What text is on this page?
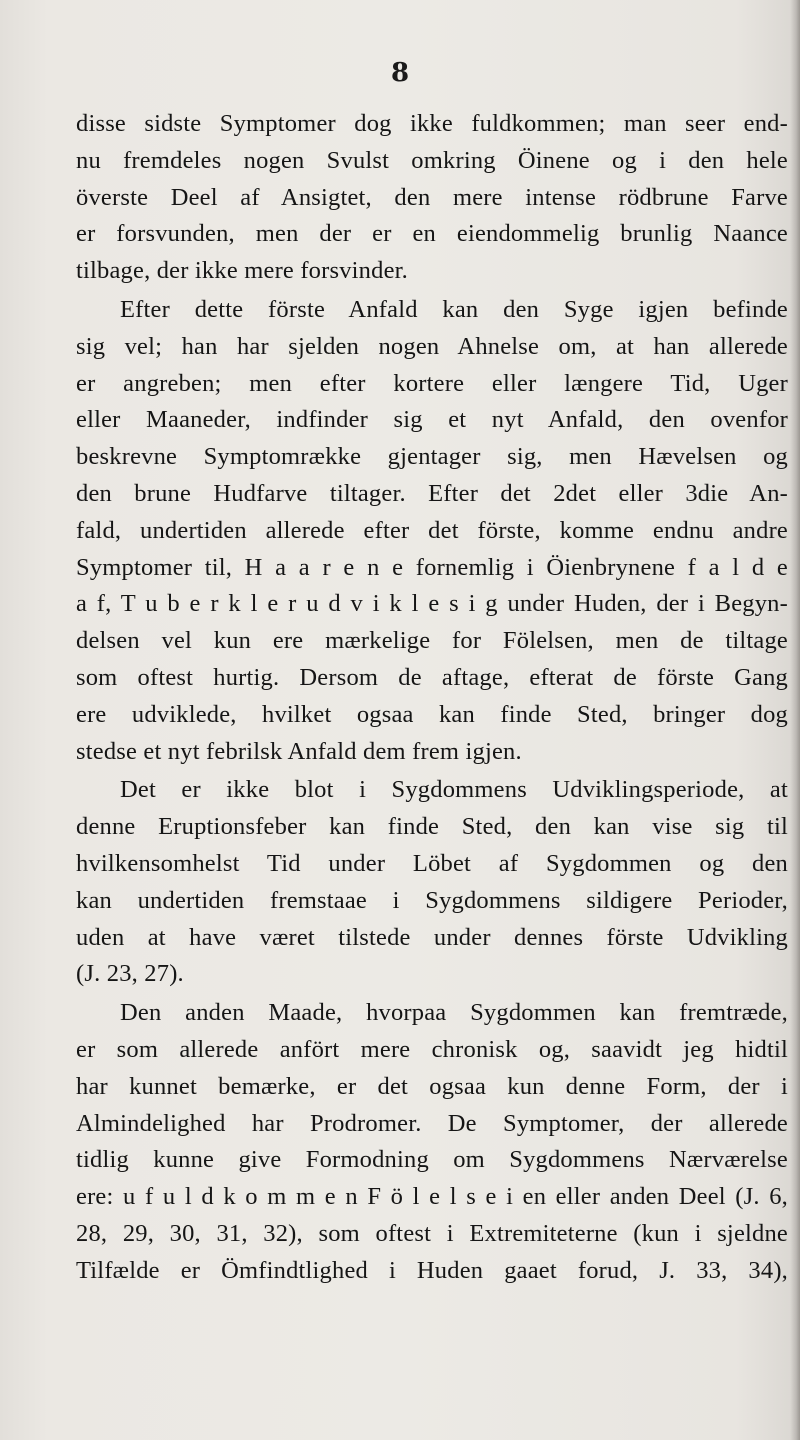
8
disse sidste Symptomer dog ikke fuldkommen; man seer end-
nu fremdeles nogen Svulst omkring Öinene og i den hele
överste Deel af Ansigtet, den mere intense rödbrune Farve
er forsvunden, men der er en eiendommelig brunlig Naance
tilbage, der ikke mere forsvinder.
Efter dette förste Anfald kan den Syge igjen befinde
sig vel; han har sjelden nogen Ahnelse om, at han allerede
er angreben; men efter kortere eller længere Tid, Uger
eller Maaneder, indfinder sig et nyt Anfald, den ovenfor
beskrevne Symptomrække gjentager sig, men Hævelsen og
den brune Hudfarve tiltager. Efter det 2det eller 3die An-
fald, undertiden allerede efter det förste, komme endnu andre
Symptomer til, H a a r e n e fornemlig i Öienbrynene f a l d e
a f, T u b e r k l e r u d v i k l e s i g under Huden, der i Begyn-
delsen vel kun ere mærkelige for Fölelsen, men de tiltage
som oftest hurtig. Dersom de aftage, efterat de förste Gang
ere udviklede, hvilket ogsaa kan finde Sted, bringer dog
stedse et nyt febrilsk Anfald dem frem igjen.
Det er ikke blot i Sygdommens Udviklingsperiode, at
denne Eruptionsfeber kan finde Sted, den kan vise sig til
hvilkensomhelst Tid under Löbet af Sygdommen og den
kan undertiden fremstaae i Sygdommens sildigere Perioder,
uden at have været tilstede under dennes förste Udvikling
(J. 23, 27).
Den anden Maade, hvorpaa Sygdommen kan fremtræde,
er som allerede anfört mere chronisk og, saavidt jeg hidtil
har kunnet bemærke, er det ogsaa kun denne Form, der i
Almindelighed har Prodromer. De Symptomer, der allerede
tidlig kunne give Formodning om Sygdommens Nærværelse
ere: u f u l d k o m m e n F ö l e l s e i en eller anden Deel (J. 6,
28, 29, 30, 31, 32), som oftest i Extremiteterne (kun i sjeldne
Tilfælde er Ömfindtlighed i Huden gaaet forud, J. 33, 34),
